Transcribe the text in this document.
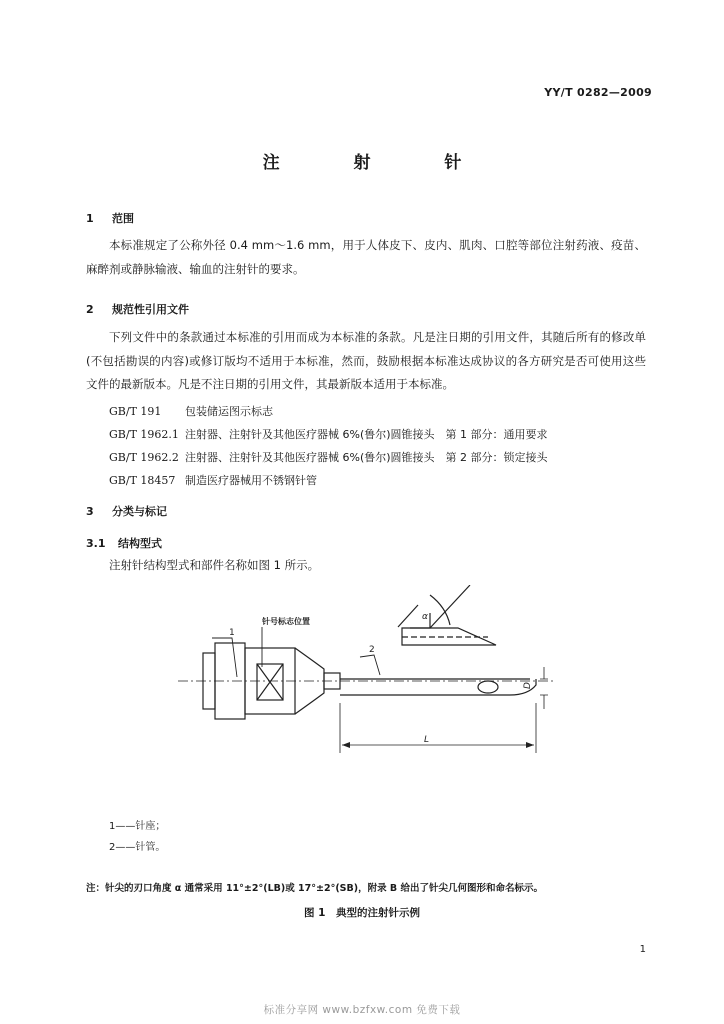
YY/T 0282—2009
注 射 针
1 范围
本标准规定了公称外径 0.4 mm～1.6 mm，用于人体皮下、皮内、肌肉、口腔等部位注射药液、疫苗、麻醉剂或静脉输液、输血的注射针的要求。
2 规范性引用文件
下列文件中的条款通过本标准的引用而成为本标准的条款。凡是注日期的引用文件，其随后所有的修改单(不包括勘误的内容)或修订版均不适用于本标准，然而，鼓励根据本标准达成协议的各方研究是否可使用这些文件的最新版本。凡是不注日期的引用文件，其最新版本适用于本标准。
GB/T 191 包装储运图示标志
GB/T 1962.1 注射器、注射针及其他医疗器械 6%(鲁尔)圆锥接头　第 1 部分：通用要求
GB/T 1962.2 注射器、注射针及其他医疗器械 6%(鲁尔)圆锥接头　第 2 部分：锁定接头
GB/T 18457 制造医疗器械用不锈钢针管
3 分类与标记
3.1 结构型式
注射针结构型式和部件名称如图 1 所示。
1
2
针号标志位置	α
L
D
1——针座；
2——针管。
注：针尖的刃口角度 α 通常采用 11°±2°(LB)或 17°±2°(SB)，附录 B 给出了针尖几何图形和命名标示。
图 1　典型的注射针示例
1
标准分享网 www.bzfxw.com 免费下载
